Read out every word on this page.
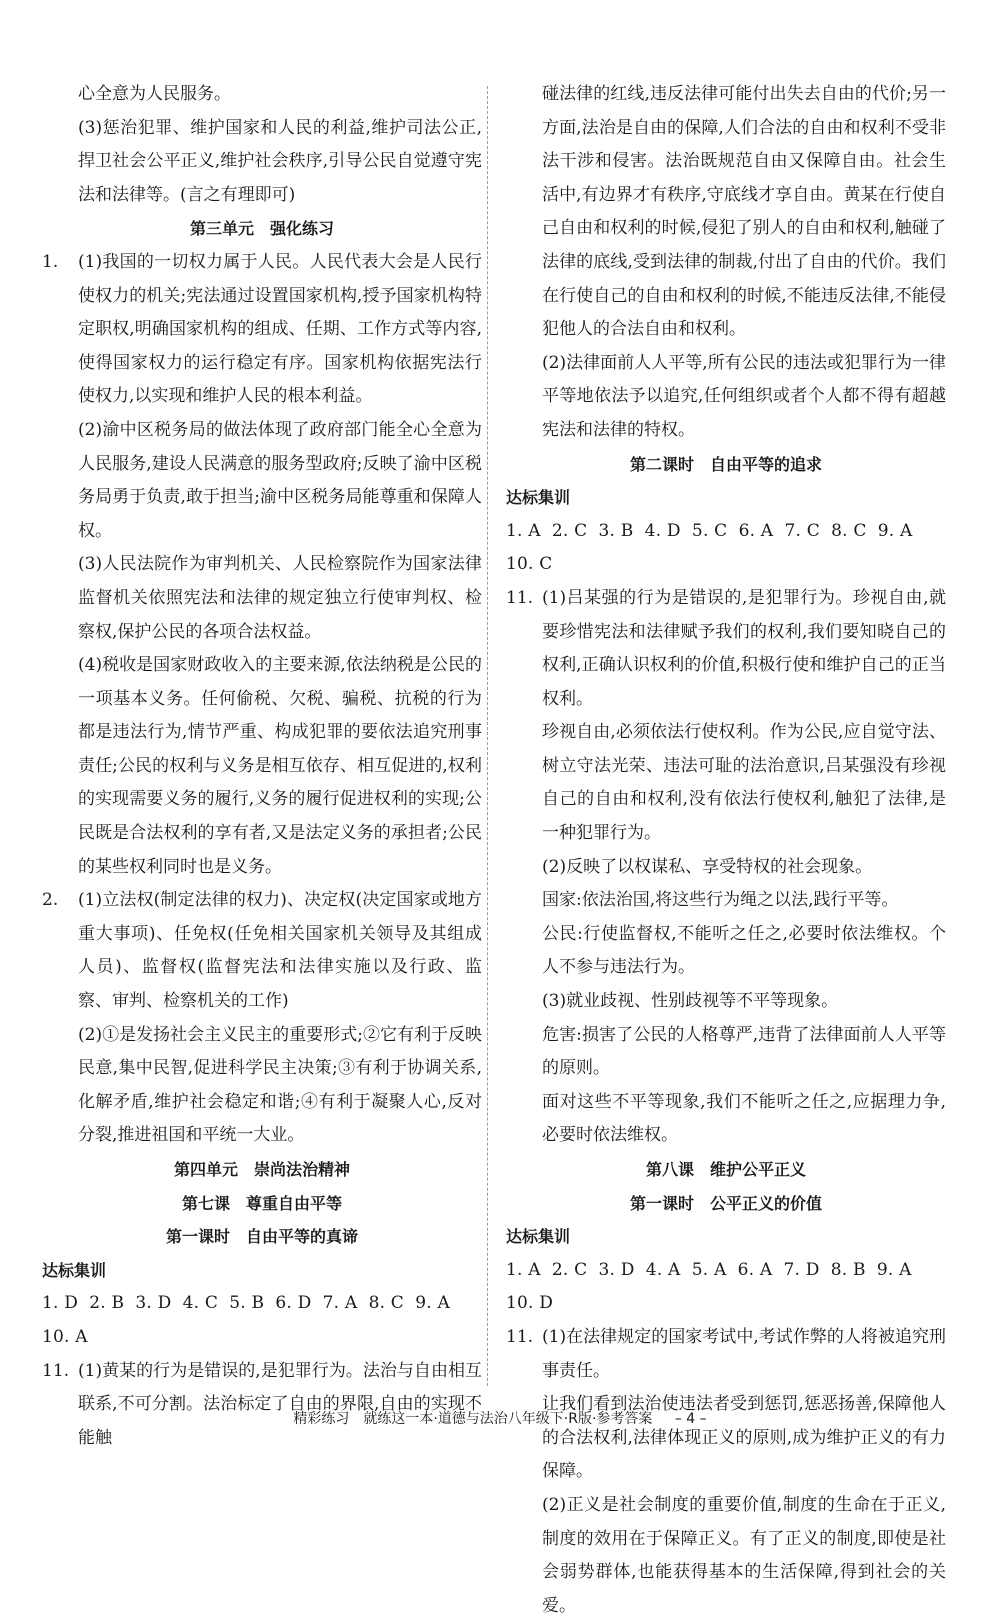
心全意为人民服务。
(3)惩治犯罪、维护国家和人民的利益,维护司法公正,捍卫社会公平正义,维护社会秩序,引导公民自觉遵守宪法和法律等。(言之有理即可)
第三单元　强化练习
1. (1)我国的一切权力属于人民。人民代表大会是人民行使权力的机关;宪法通过设置国家机构,授予国家机构特定职权,明确国家机构的组成、任期、工作方式等内容,使得国家权力的运行稳定有序。国家机构依据宪法行使权力,以实现和维护人民的根本利益。
(2)渝中区税务局的做法体现了政府部门能全心全意为人民服务,建设人民满意的服务型政府;反映了渝中区税务局勇于负责,敢于担当;渝中区税务局能尊重和保障人权。
(3)人民法院作为审判机关、人民检察院作为国家法律监督机关依照宪法和法律的规定独立行使审判权、检察权,保护公民的各项合法权益。
(4)税收是国家财政收入的主要来源,依法纳税是公民的一项基本义务。任何偷税、欠税、骗税、抗税的行为都是违法行为,情节严重、构成犯罪的要依法追究刑事责任;公民的权利与义务是相互依存、相互促进的,权利的实现需要义务的履行,义务的履行促进权利的实现;公民既是合法权利的享有者,又是法定义务的承担者;公民的某些权利同时也是义务。
2. (1)立法权(制定法律的权力)、决定权(决定国家或地方重大事项)、任免权(任免相关国家机关领导及其组成人员)、监督权(监督宪法和法律实施以及行政、监察、审判、检察机关的工作)
(2)①是发扬社会主义民主的重要形式;②它有利于反映民意,集中民智,促进科学民主决策;③有利于协调关系,化解矛盾,维护社会稳定和谐;④有利于凝聚人心,反对分裂,推进祖国和平统一大业。
第四单元　崇尚法治精神
第七课　尊重自由平等
第一课时　自由平等的真谛
达标集训
1. D  2. B  3. D  4. C  5. B  6. D  7. A  8. C  9. A
10. A
11. (1)黄某的行为是错误的,是犯罪行为。法治与自由相互联系,不可分割。法治标定了自由的界限,自由的实现不能触
碰法律的红线,违反法律可能付出失去自由的代价;另一方面,法治是自由的保障,人们合法的自由和权利不受非法干涉和侵害。法治既规范自由又保障自由。社会生活中,有边界才有秩序,守底线才享自由。黄某在行使自己自由和权利的时候,侵犯了别人的自由和权利,触碰了法律的底线,受到法律的制裁,付出了自由的代价。我们在行使自己的自由和权利的时候,不能违反法律,不能侵犯他人的合法自由和权利。
(2)法律面前人人平等,所有公民的违法或犯罪行为一律平等地依法予以追究,任何组织或者个人都不得有超越宪法和法律的特权。
第二课时　自由平等的追求
达标集训
1. A  2. C  3. B  4. D  5. C  6. A  7. C  8. C  9. A
10. C
11. (1)吕某强的行为是错误的,是犯罪行为。珍视自由,就要珍惜宪法和法律赋予我们的权利,我们要知晓自己的权利,正确认识权利的价值,积极行使和维护自己的正当权利。
珍视自由,必须依法行使权利。作为公民,应自觉守法、树立守法光荣、违法可耻的法治意识,吕某强没有珍视自己的自由和权利,没有依法行使权利,触犯了法律,是一种犯罪行为。
(2)反映了以权谋私、享受特权的社会现象。
国家:依法治国,将这些行为绳之以法,践行平等。
公民:行使监督权,不能听之任之,必要时依法维权。个人不参与违法行为。
(3)就业歧视、性别歧视等不平等现象。
危害:损害了公民的人格尊严,违背了法律面前人人平等的原则。
面对这些不平等现象,我们不能听之任之,应据理力争,必要时依法维权。
第八课　维护公平正义
第一课时　公平正义的价值
达标集训
1. A  2. C  3. D  4. A  5. A  6. A  7. D  8. B  9. A
10. D
11. (1)在法律规定的国家考试中,考试作弊的人将被追究刑事责任。
让我们看到法治使违法者受到惩罚,惩恶扬善,保障他人的合法权利,法律体现正义的原则,成为维护正义的有力保障。
(2)正义是社会制度的重要价值,制度的生命在于正义,制度的效用在于保障正义。有了正义的制度,即使是社会弱势群体,也能获得基本的生活保障,得到社会的关爱。
精彩练习　就练这一本·道德与法治八年级下·R版·参考答案 – 4 –
